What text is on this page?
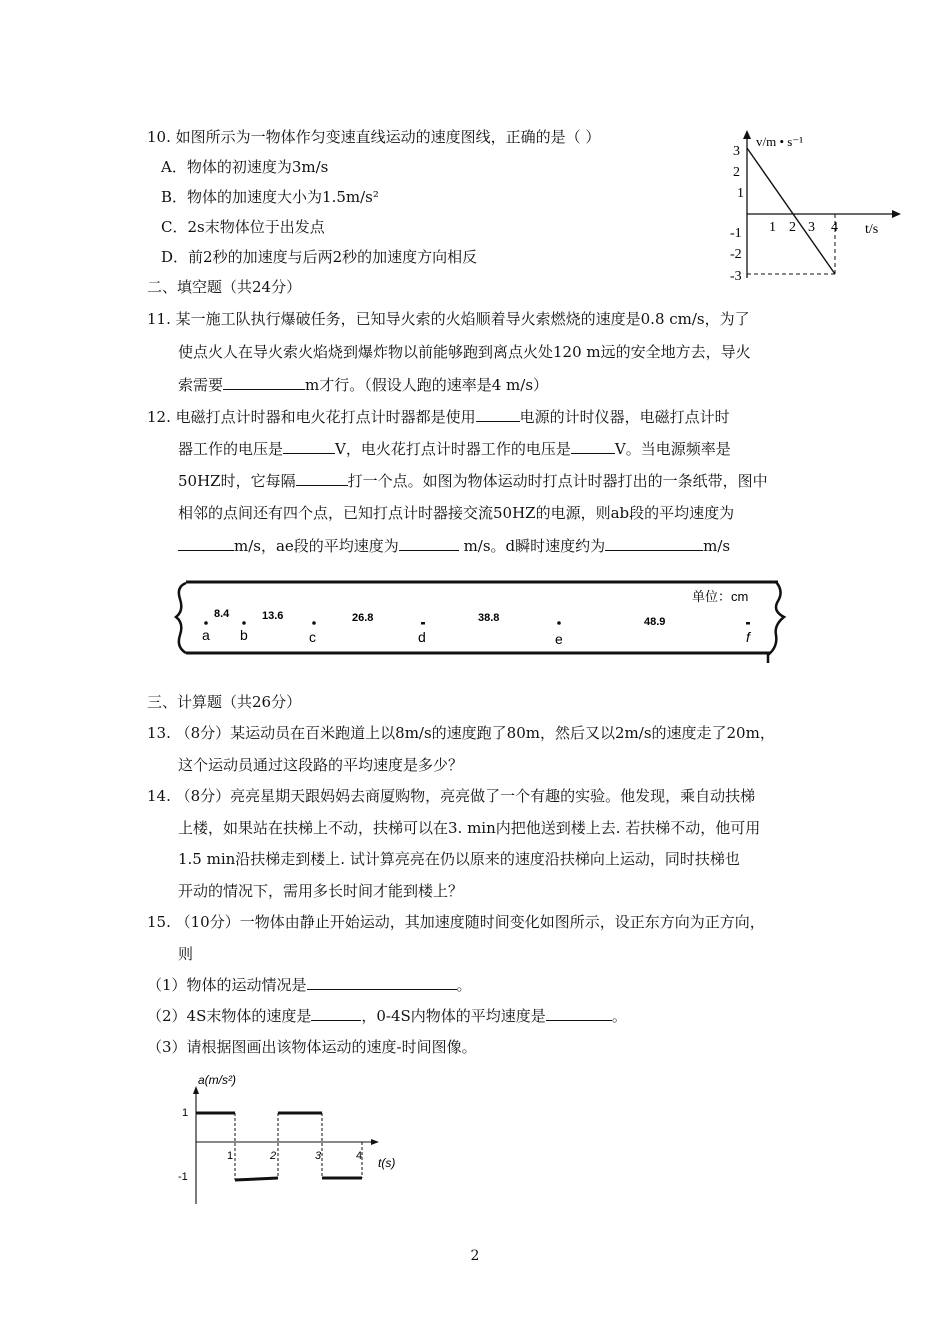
10. 如图所示为一物体作匀变速直线运动的速度图线，正确的是（ ）
A．物体的初速度为3m/s
B．物体的加速度大小为1.5m/s²
C．2s末物体位于出发点
D．前2秒的加速度与后两2秒的加速度方向相反
v/m • s⁻¹
t/s
3
2
1
-1
-2
-3
1 2 3 4
二、填空题（共24分）
11. 某一施工队执行爆破任务，已知导火索的火焰顺着导火索燃烧的速度是0.8 cm/s，为了
使点火人在导火索火焰烧到爆炸物以前能够跑到离点火处120 m远的安全地方去，导火
索需要	m才行。（假设人跑的速率是4 m/s）
12. 电磁打点计时器和电火花打点计时器都是使用	电源的计时仪器，电磁打点计时
器工作的电压是	V，电火花打点计时器工作的电压是	V。当电源频率是
50HZ时，它每隔	打一个点。如图为物体运动时打点计时器打出的一条纸带，图中
相邻的点间还有四个点，已知打点计时器接交流50HZ的电源，则ab段的平均速度为
m/s，ae段的平均速度为	m/s。d瞬时速度约为	m/s
单位：cm
a b	c	d	e	f
8.4	13.6	26.8	38.8	48.9
三、计算题（共26分）
13. （8分）某运动员在百米跑道上以8m/s的速度跑了80m，然后又以2m/s的速度走了20m，
这个运动员通过这段路的平均速度是多少？
14. （8分）亮亮星期天跟妈妈去商厦购物，亮亮做了一个有趣的实验。他发现，乘自动扶梯
上楼，如果站在扶梯上不动，扶梯可以在3. min内把他送到楼上去. 若扶梯不动，他可用
1.5 min沿扶梯走到楼上. 试计算亮亮在仍以原来的速度沿扶梯向上运动，同时扶梯也
开动的情况下，需用多长时间才能到楼上？
15. （10分）一物体由静止开始运动，其加速度随时间变化如图所示，设正东方向为正方向，
则
（1）物体的运动情况是	。
（2）4S末物体的速度是	，0-4S内物体的平均速度是	。
（3）请根据图画出该物体运动的速度-时间图像。
a(m/s²)
t(s)
1
-1
1	2	3	4
2
